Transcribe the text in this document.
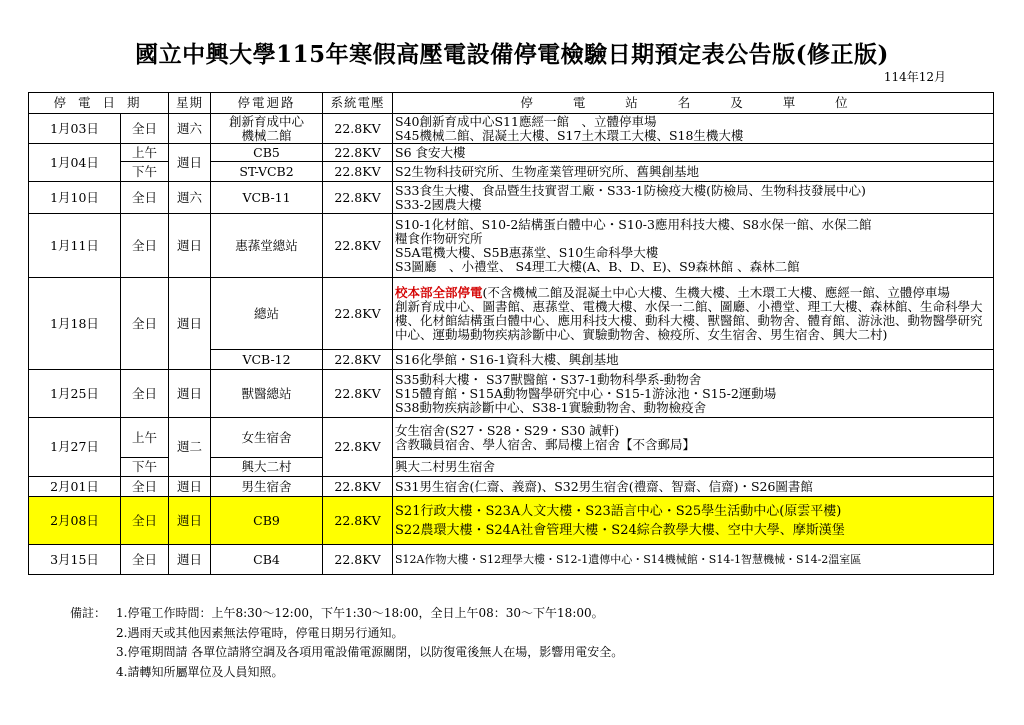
國立中興大學115年寒假高壓電設備停電檢驗日期預定表公告版(修正版)
114年12月
停 電 日 期		星期	停電迴路	系統電壓	停 電 站 名 及 單 位
1月03日	全日	週六	創新育成中心
機械二館	22.8KV	S40創新育成中心S11應經一館　、立體停車場
S45機械二館、混凝土大樓、S17土木環工大樓、S18生機大樓
1月04日	上午	週日	CB5	22.8KV	S6 食安大樓
	下午		ST-VCB2	22.8KV	S2生物科技研究所、生物產業管理研究所、舊興創基地
1月10日	全日	週六	VCB-11	22.8KV	S33食生大樓、食品暨生技實習工廠・S33-1防檢疫大樓(防檢局、生物科技發展中心)
S33-2國農大樓
1月11日	全日	週日	惠蓀堂總站	22.8KV	S10-1化材館、S10-2結構蛋白體中心・S10-3應用科技大樓、S8水保一館、水保二館
糧食作物研究所
S5A電機大樓、S5B惠蓀堂、S10生命科學大樓
S3圖廳　、小禮堂、 S4理工大樓(A、B、D、E)、S9森林館 、森林二館
1月18日	全日	週日	總站	22.8KV	校本部全部停電(不含機械二館及混凝土中心大樓、生機大樓、土木環工大樓、應經一館、立體停車場
創新育成中心、圖書館、惠蓀堂、電機大樓、水保一二館、圖廳、小禮堂、理工大樓、森林館、生命科學大樓、化材館結構蛋白體中心、應用科技大樓、動科大樓、獸醫館、動物舍、體育館、游泳池、動物醫學研究中心、運動場動物疾病診斷中心、實驗動物舍、檢疫所、女生宿舍、男生宿舍、興大二村)
			VCB-12	22.8KV	S16化學館・S16-1資科大樓、興創基地
1月25日	全日	週日	獸醫總站	22.8KV	S35動科大樓・ S37獸醫館・S37-1動物科學系-動物舍
S15體育館・S15A動物醫學研究中心・S15-1游泳池・S15-2運動場
S38動物疾病診斷中心、S38-1實驗動物舍、動物檢疫舍
1月27日	上午	週二	女生宿舍	22.8KV	女生宿舍(S27・S28・S29・S30 誠軒)
含教職員宿舍、學人宿舍、郵局樓上宿舍【不含郵局】
	下午		興大二村		興大二村男生宿舍
2月01日	全日	週日	男生宿舍	22.8KV	S31男生宿舍(仁齋、義齋)、S32男生宿舍(禮齋、智齋、信齋)・S26圖書館
2月08日	全日	週日	CB9	22.8KV	S21行政大樓・S23A人文大樓・S23語言中心・S25學生活動中心(原雲平樓)
S22農環大樓・S24A社會管理大樓・S24綜合教學大樓、空中大學、摩斯漢堡
3月15日	全日	週日	CB4	22.8KV	S12A作物大樓・S12理學大樓・S12-1遺傳中心・S14機械館・S14-1智慧機械・S14-2溫室區
備註： 1.停電工作時間：上午8:30～12:00，下午1:30～18:00，全日上午08：30～下午18:00。
2.遇雨天或其他因素無法停電時，停電日期另行通知。
3.停電期間請 各單位請將空調及各項用電設備電源關閉，以防復電後無人在場，影響用電安全。
4.請轉知所屬單位及人員知照。
